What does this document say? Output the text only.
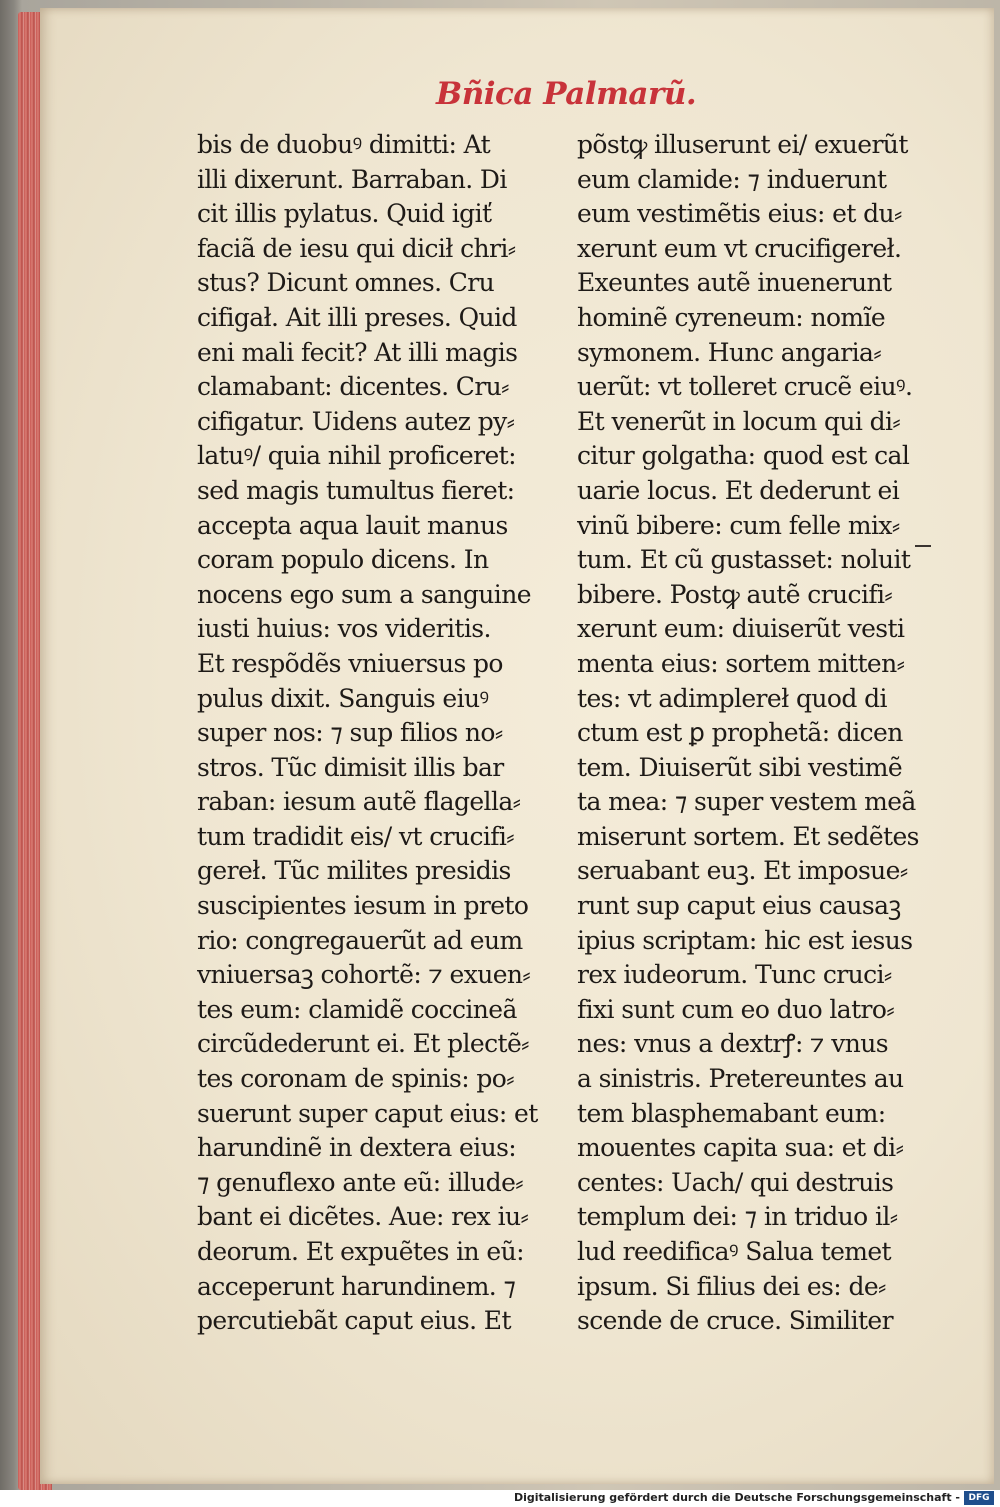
Bñica Palmarũ.
bis de duobuꝰ dimitti: At
illi dixerunt. Barraban. Di
cit illis pylatus. Quid igiť
faciã de iesu qui dicił chri⸗
stus? Dicunt omnes. Cru
cifigał. Ait illi preses. Quid
eni mali fecit? At illi magis
clamabant: dicentes. Cru⸗
cifigatur. Uidens autez py⸗
latuꝰ/ quia nihil proficeret:
sed magis tumultus fieret:
accepta aqua lauit manus
coram populo dicens. In
nocens ego sum a sanguine
iusti huius: vos videritis.
Et respõdẽs vniuersus po
pulus dixit. Sanguis eiuꝰ
super nos: ⁊ sup filios no⸗
stros. Tũc dimisit illis bar
raban: iesum autẽ flagella⸗
tum tradidit eis/ vt crucifi⸗
gereł. Tũc milites presidis
suscipientes iesum in preto
rio: congregauerũt ad eum
vniuersaꝫ cohortẽ: ⁊ exuen⸗
tes eum: clamidẽ coccineã
circũdederunt ei. Et plectẽ⸗
tes coronam de spinis: po⸗
suerunt super caput eius: et
harundinẽ in dextera eius:
⁊ genuflexo ante eũ: illude⸗
bant ei dicẽtes. Aue: rex iu⸗
deorum. Et expuẽtes in eũ:
acceperunt harundinem. ⁊
percutiebãt caput eius. Et
põstꝙ illuserunt ei/ exuerũt
eum clamide: ⁊ induerunt
eum vestimẽtis eius: et du⸗
xerunt eum vt crucifigereł.
Exeuntes autẽ inuenerunt
hominẽ cyreneum: nomĩe
symonem. Hunc angaria⸗
uerũt: vt tolleret crucẽ eiuꝰ.
Et venerũt in locum qui di⸗
citur golgatha: quod est cal
uarie locus. Et dederunt ei
vinũ bibere: cum felle mix⸗
tum. Et cũ gustasset: noluit
bibere. Postꝙ autẽ crucifi⸗
xerunt eum: diuiserũt vesti
menta eius: sortem mitten⸗
tes: vt adimplereł quod di
ctum est ꝑ prophetã: dicen
tem. Diuiserũt sibi vestimẽ
ta mea: ⁊ super vestem meã
miserunt sortem. Et sedẽtes
seruabant euꝫ. Et imposue⸗
runt sup caput eius causaꝫ
ipius scriptam: hic est iesus
rex iudeorum. Tunc cruci⸗
fixi sunt cum eo duo latro⸗
nes: vnus a dextrꝭ: ⁊ vnus
a sinistris. Pretereuntes au
tem blasphemabant eum:
mouentes capita sua: et di⸗
centes: Uach/ qui destruis
templum dei: ⁊ in triduo il⸗
lud reedificaꝰ Salua temet
ipsum. Si filius dei es: de⸗
scende de cruce. Similiter
Digitalisierung gefördert durch die Deutsche Forschungsgemeinschaft - DFG
